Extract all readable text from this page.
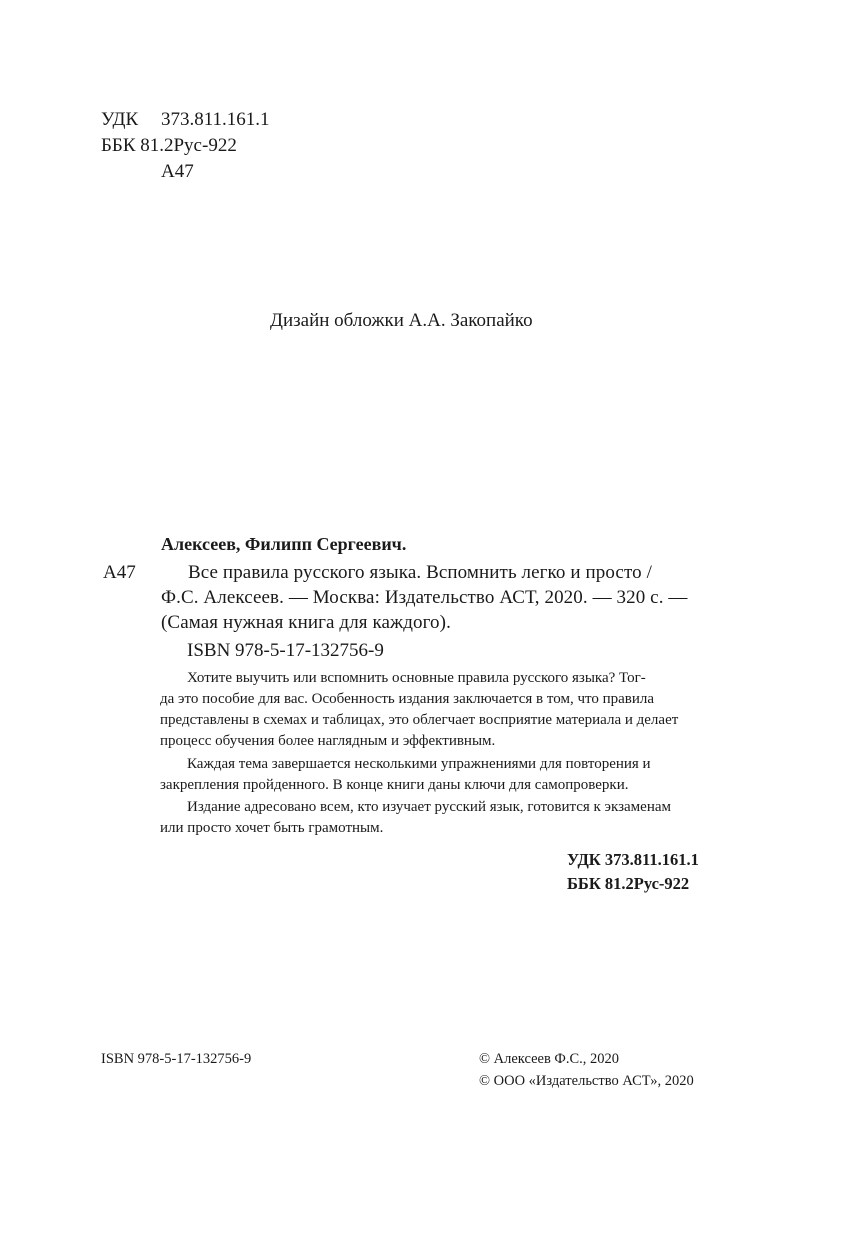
УДК 373.811.161.1
ББК 81.2Рус-922
А47
Дизайн обложки А.А. Закопайко
Алексеев, Филипп Сергеевич.
А47	Все правила русского языка. Вспомнить легко и просто /
Ф.С. Алексеев. — Москва: Издательство АСТ, 2020. — 320 с. —
(Самая нужная книга для каждого).
ISBN 978-5-17-132756-9
Хотите выучить или вспомнить основные правила русского языка? Тог-
да это пособие для вас. Особенность издания заключается в том, что правила
представлены в схемах и таблицах, это облегчает восприятие материала и делает
процесс обучения более наглядным и эффективным.
Каждая тема завершается несколькими упражнениями для повторения и
закрепления пройденного. В конце книги даны ключи для самопроверки.
Издание адресовано всем, кто изучает русский язык, готовится к экзаменам
или просто хочет быть грамотным.
УДК 373.811.161.1
ББК 81.2Рус-922
ISBN 978-5-17-132756-9	© Алексеев Ф.С., 2020
© ООО «Издательство АСТ», 2020
